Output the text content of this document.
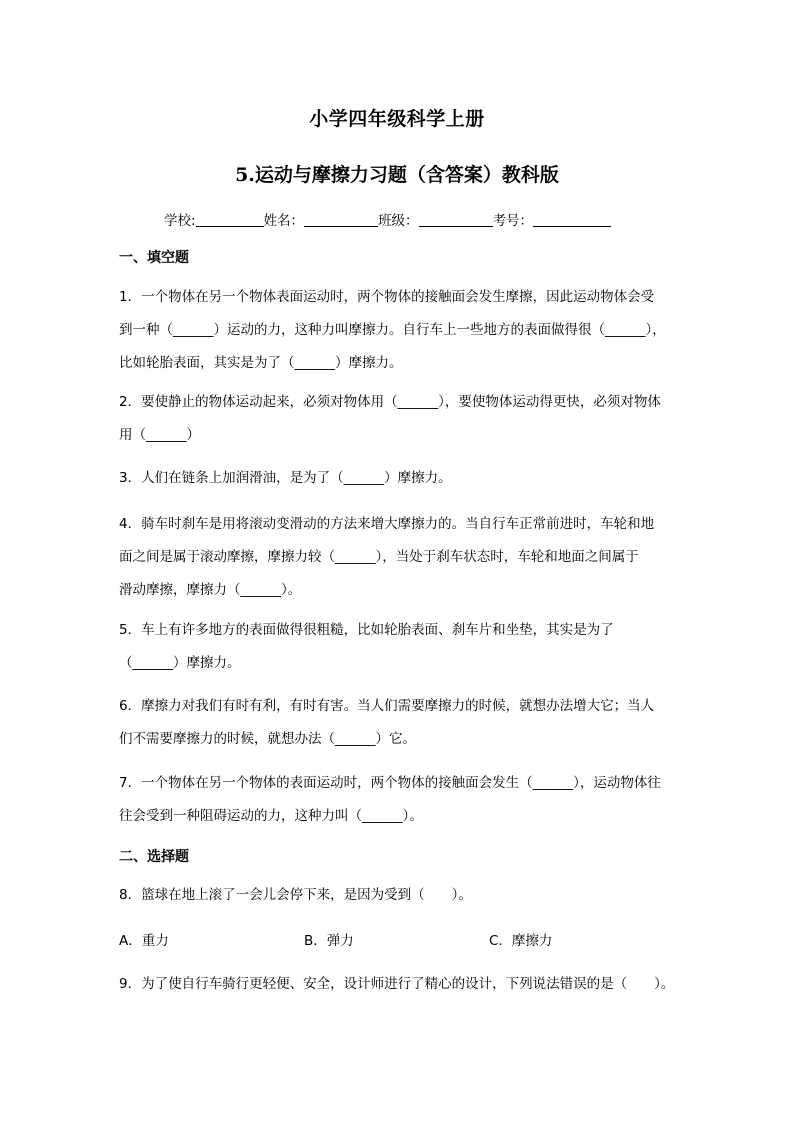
小学四年级科学上册
5.运动与摩擦力习题（含答案）教科版
学校:	姓名：	班级：	考号：
一、填空题
1．一个物体在另一个物体表面运动时，两个物体的接触面会发生摩擦，因此运动物体会受
到一种（______）运动的力，这种力叫摩擦力。自行车上一些地方的表面做得很（______），
比如轮胎表面，其实是为了（______）摩擦力。
2．要使静止的物体运动起来，必须对物体用（______），要使物体运动得更快，必须对物体
用（______）
3．人们在链条上加润滑油，是为了（______）摩擦力。
4．骑车时刹车是用将滚动变滑动的方法来增大摩擦力的。当自行车正常前进时，车轮和地
面之间是属于滚动摩擦，摩擦力较（______），当处于刹车状态时，车轮和地面之间属于
滑动摩擦，摩擦力（______）。
5．车上有许多地方的表面做得很粗糙，比如轮胎表面、刹车片和坐垫，其实是为了
（______）摩擦力。
6．摩擦力对我们有时有利，有时有害。当人们需要摩擦力的时候，就想办法增大它；当人
们不需要摩擦力的时候，就想办法（______）它。
7．一个物体在另一个物体的表面运动时，两个物体的接触面会发生（______），运动物体往
往会受到一种阻碍运动的力，这种力叫（______）。
二、选择题
8．篮球在地上滚了一会儿会停下来，是因为受到（　　）。
A．重力	B．弹力	C．摩擦力
9．为了使自行车骑行更轻便、安全，设计师进行了精心的设计，下列说法错误的是（　　）。
